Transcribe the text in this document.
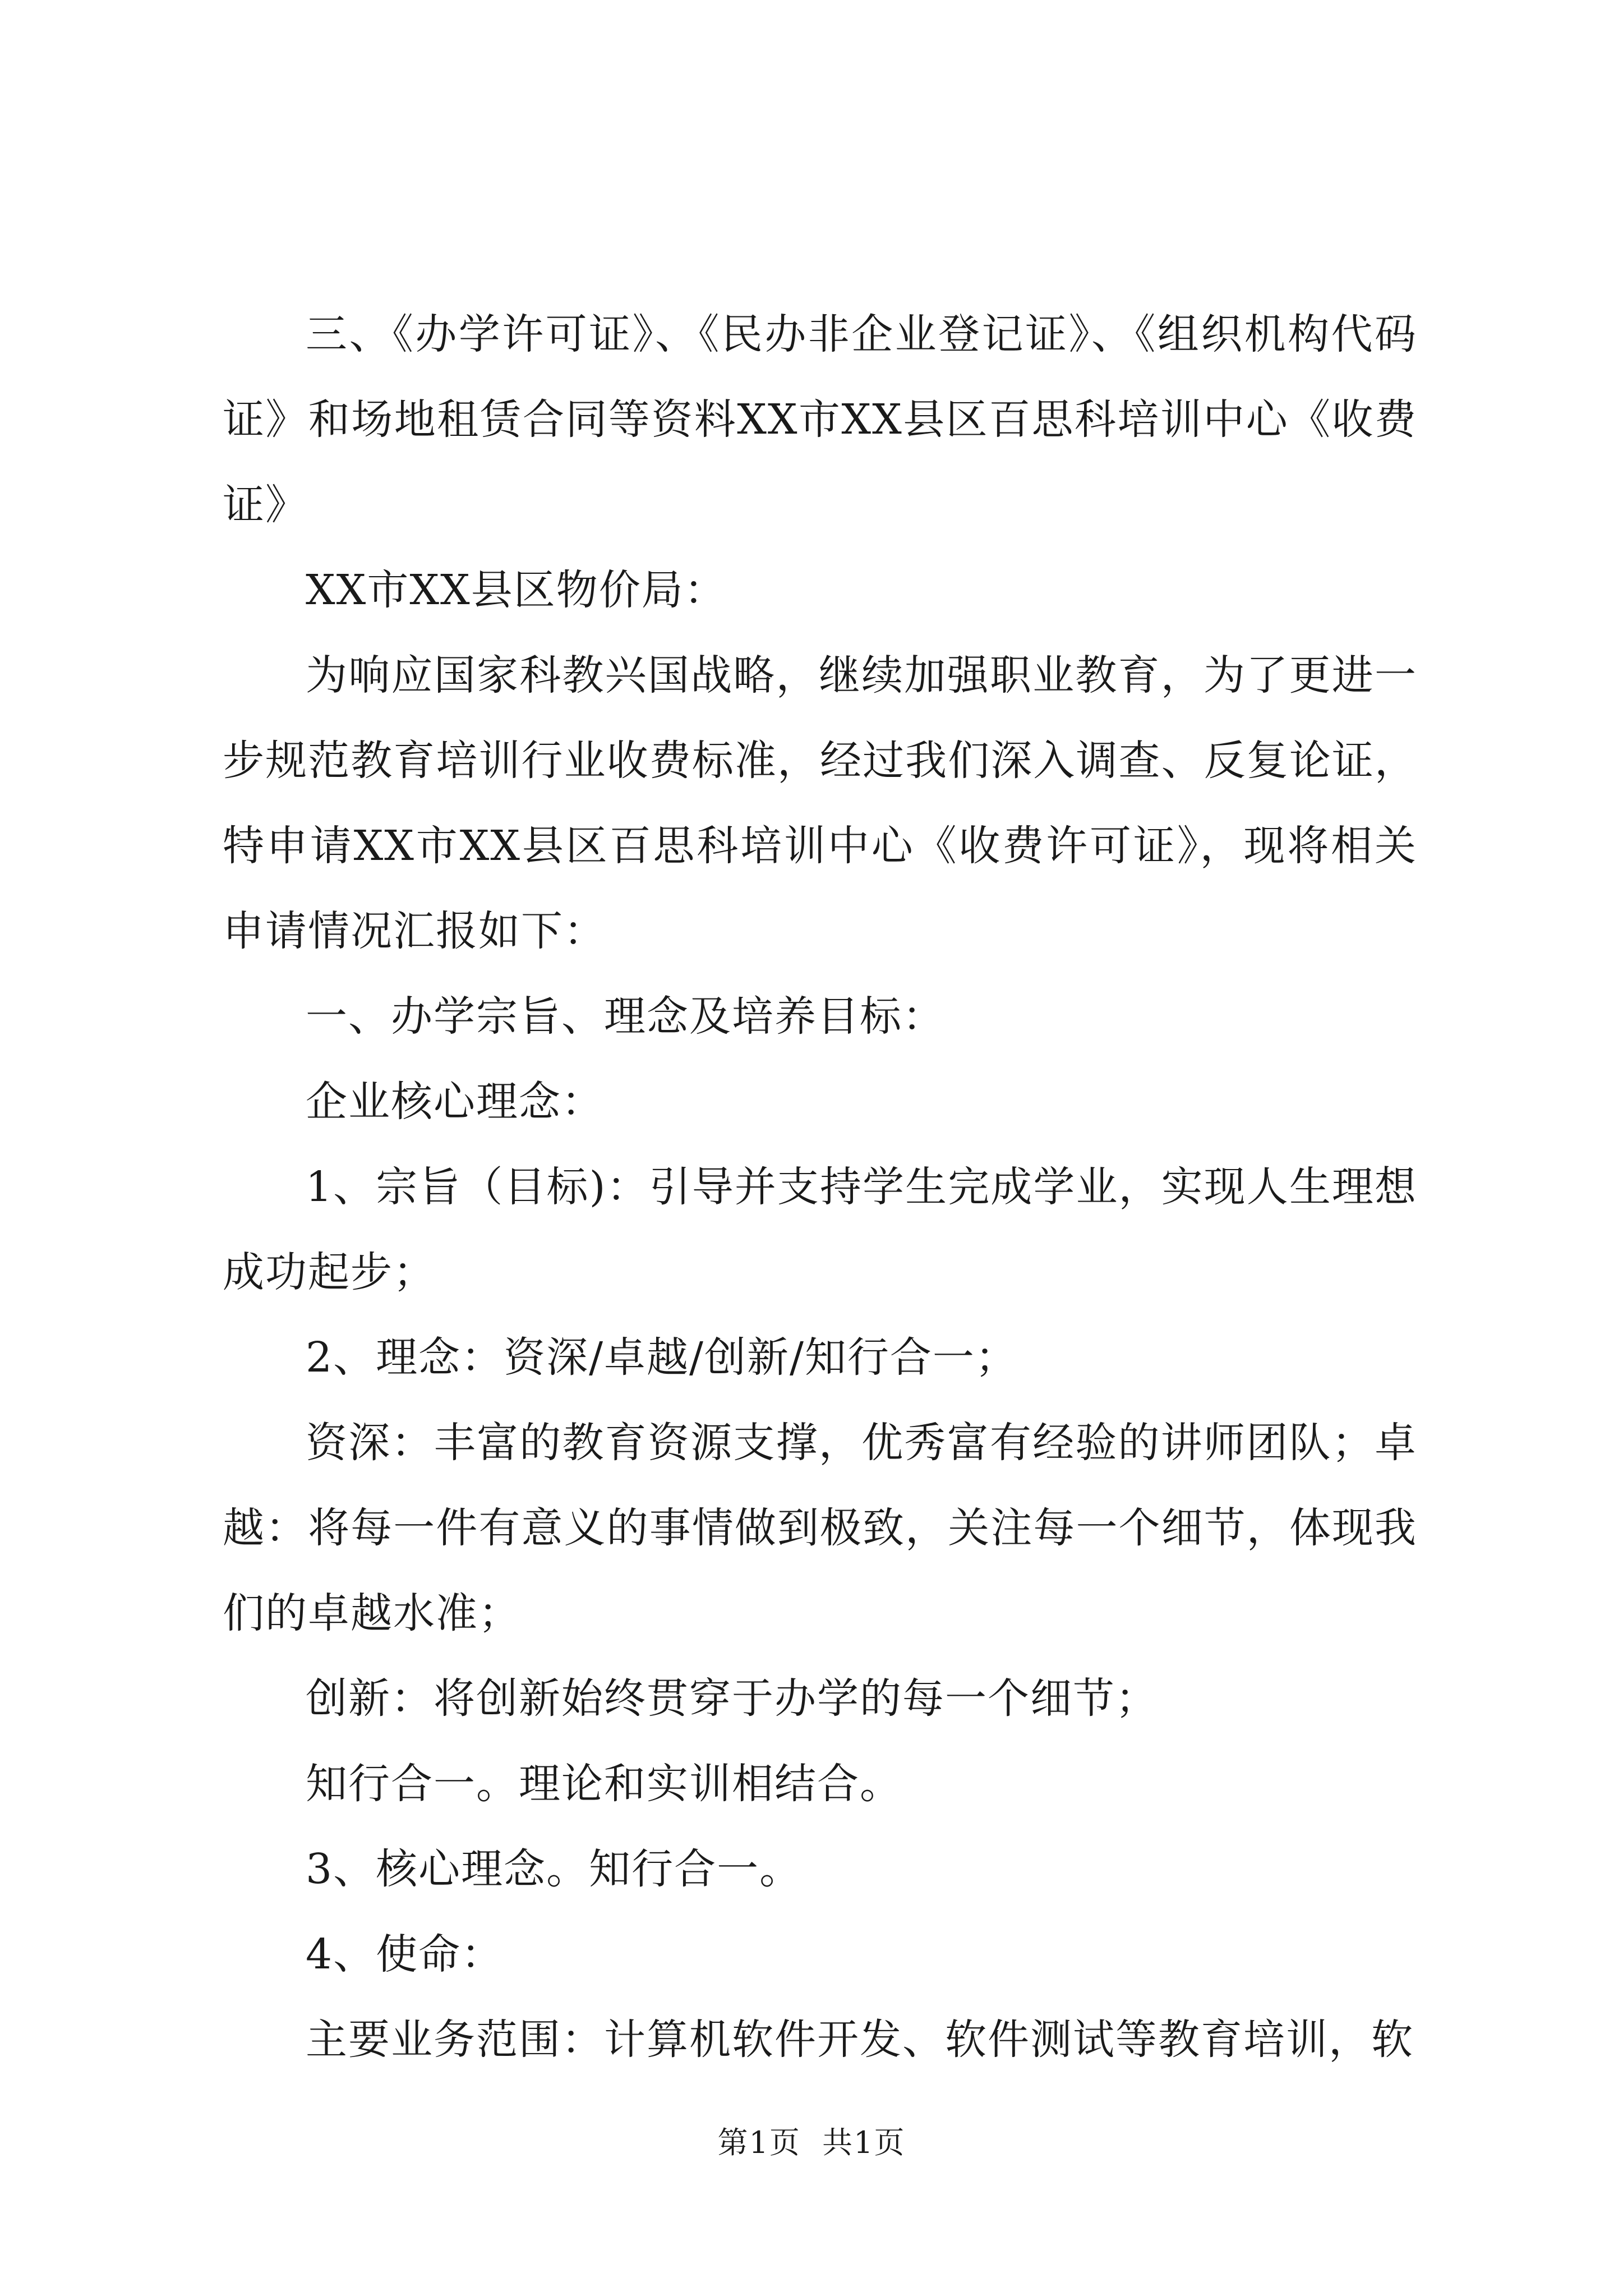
三、《办学许可证》、《民办非企业登记证》、《组织机构代码证》和场地租赁合同等资料XX市XX县区百思科培训中心《收费证》

XX市XX县区物价局：

为响应国家科教兴国战略，继续加强职业教育，为了更进一步规范教育培训行业收费标准，经过我们深入调查、反复论证，特申请XX市XX县区百思科培训中心《收费许可证》，现将相关申请情况汇报如下：

一、办学宗旨、理念及培养目标：

企业核心理念：

1、宗旨（目标)：引导并支持学生完成学业，实现人生理想成功起步；

2、理念：资深/卓越/创新/知行合一；

资深：丰富的教育资源支撑，优秀富有经验的讲师团队；卓越：将每一件有意义的事情做到极致，关注每一个细节，体现我们的卓越水准；

创新：将创新始终贯穿于办学的每一个细节；

知行合一。理论和实训相结合。

3、核心理念。知行合一。

4、使命：

主要业务范围：计算机软件开发、软件测试等教育培训，软

第1页  共1页
